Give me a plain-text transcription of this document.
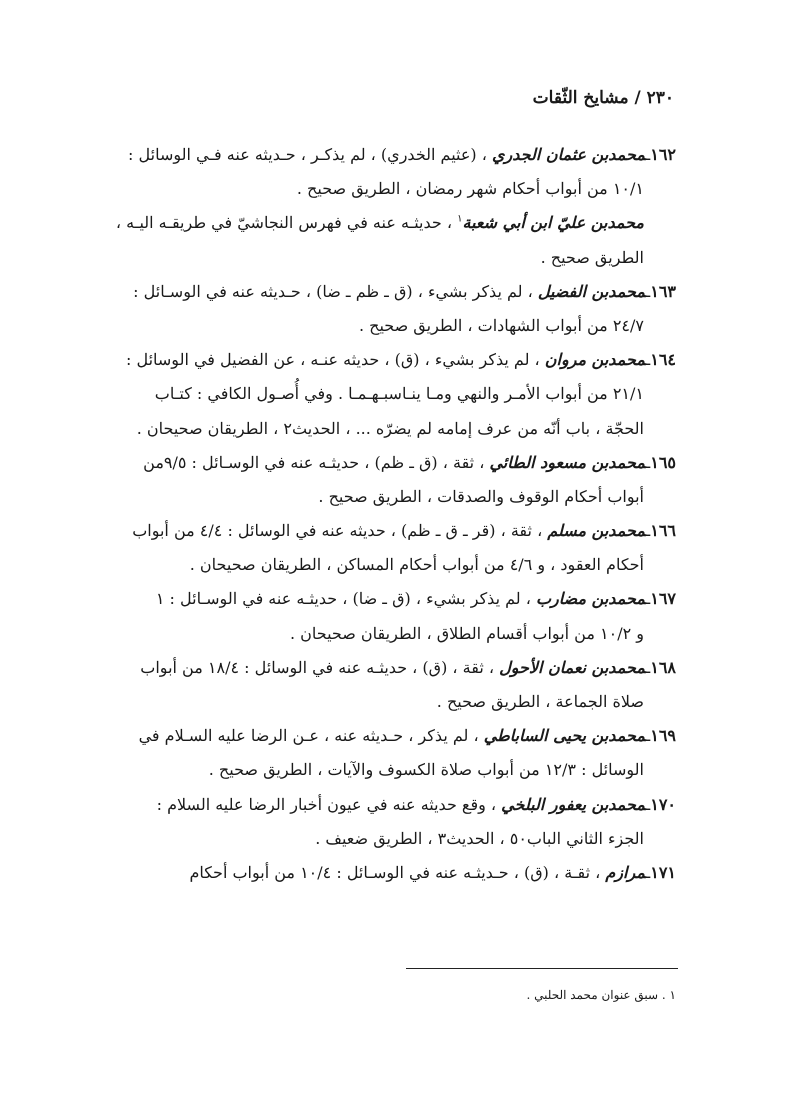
٢٣٠ / مشايخ الثّقات
١٦٢ـمحمدبن عثمان الجدري ، (عثيم الخدري) ، لم يذكـر ، حـديثه عنه فـي الوسائل :
١٠/١ من أبواب أحكام شهر رمضان ، الطريق صحيح .
محمدبن عليّ ابن أبي شعبة$^١$ ، حديثـه عنه في فهرس النجاشيّ في طريقـه اليـه ،
الطريق صحيح .
١٦٣ـمحمدبن الفضيل ، لم يذكر بشيء ، (ق ـ ظم ـ ضا) ، حـديثه عنه في الوسـائل :
٢٤/٧ من أبواب الشهادات ، الطريق صحيح .
١٦٤ـمحمدبن مروان ، لم يذكر بشيء ، (ق) ، حديثه عنـه ، عن الفضيل في الوسائل :
٢١/١ من أبواب الأمـر والنهي ومـا ينـاسبـهـمـا . وفي أُصـول الكافي : كتـاب
الحجّة ، باب أنّه من عرف إمامه لم يضرّه ... ، الحديث٢ ، الطريقان صحيحان .
١٦٥ـمحمدبن مسعود الطائي ، ثقة ، (ق ـ ظم) ، حديثـه عنه في الوسـائل : ٩/٥من
أبواب أحكام الوقوف والصدقات ، الطريق صحيح .
١٦٦ـمحمدبن مسلم ، ثقة ، (قر ـ ق ـ ظم) ، حديثه عنه في الوسائل : ٤/٤ من أبواب
أحكام العقود ، و ٤/٦ من أبواب أحكام المساكن ، الطريقان صحيحان .
١٦٧ـمحمدبن مضارب ، لم يذكر بشيء ، (ق ـ ضا) ، حديثـه عنه في الوسـائل : ١
و ١٠/٢ من أبواب أقسام الطلاق ، الطريقان صحيحان .
١٦٨ـمحمدبن نعمان الأحول ، ثقة ، (ق) ، حديثـه عنه في الوسائل : ١٨/٤ من أبواب
صلاة الجماعة ، الطريق صحيح .
١٦٩ـمحمدبن يحيى الساباطي ، لم يذكر ، حـديثه عنه ، عـن الرضا عليه السـلام في
الوسائل : ١٢/٣ من أبواب صلاة الكسوف والآيات ، الطريق صحيح .
١٧٠ـمحمدبن يعفور البلخي ، وقع حديثه عنه في عيون أخبار الرضا عليه السلام :
الجزء الثاني الباب٥٠ ، الحديث٣ ، الطريق ضعيف .
١٧١ـمرازم ، ثقـة ، (ق) ، حـديثـه عنه في الوسـائل : ١٠/٤ من أبواب أحكام
١ . سبق عنوان محمد الحلبي .
